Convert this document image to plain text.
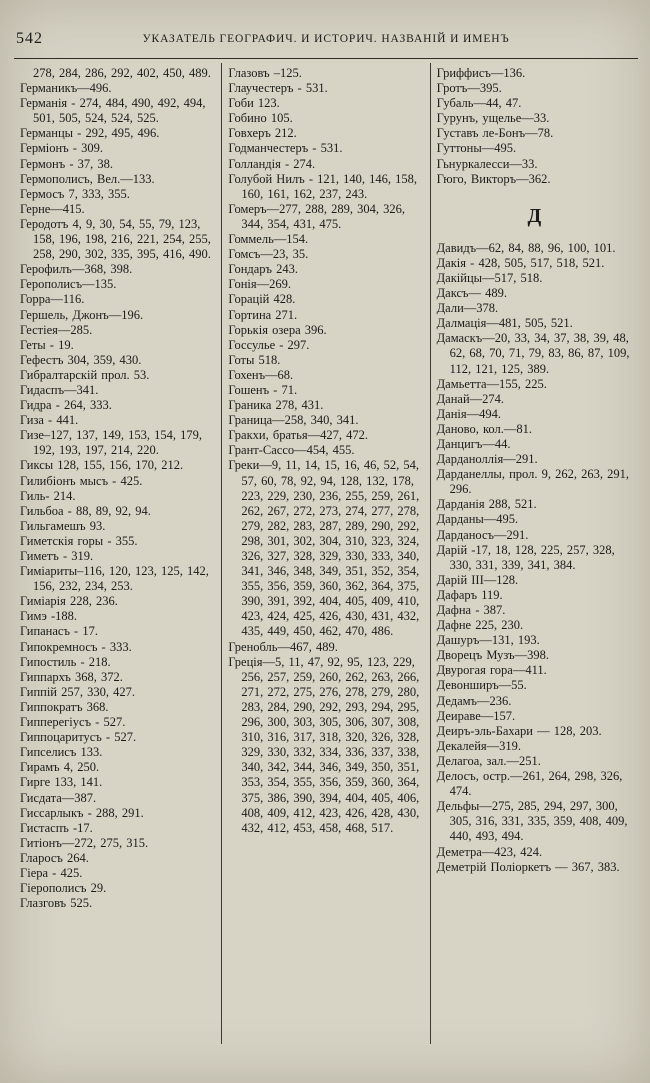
542	УКАЗАТЕЛЬ ГЕОГРАФИЧ. И ИСТОРИЧ. НАЗВАНІЙ И ИМЕНЪ
278, 284, 286, 292, 402, 450, 489.
Германикъ—496.
Германія - 274, 484, 490, 492, 494, 501, 505, 524, 524, 525.
Германцы - 292, 495, 496.
Герміонъ - 309.
Гермонъ - 37, 38.
Гермополисъ, Вел.—133.
Гермосъ 7, 333, 355.
Герне—415.
Геродотъ 4, 9, 30, 54, 55, 79, 123, 158, 196, 198, 216, 221, 254, 255, 258, 290, 302, 335, 395, 416, 490.
Герофилъ—368, 398.
Герополисъ—135.
Горра—116.
Гершель, Джонъ—196.
Гестіея—285.
Геты - 19.
Гефестъ 304, 359, 430.
Гибралтарскій прол. 53.
Гидаспъ—341.
Гидра - 264, 333.
Гиза - 441.
Гизе–127, 137, 149, 153, 154, 179, 192, 193, 197, 214, 220.
Гиксы 128, 155, 156, 170, 212.
Гилибіонъ мысъ - 425.
Гиль- 214.
Гильбоа - 88, 89, 92, 94.
Гильгамешъ 93.
Гиметскія горы - 355.
Гиметъ - 319.
Гиміариты–116, 120, 123, 125, 142, 156, 232, 234, 253.
Гиміарія 228, 236.
Гимэ -188.
Гипанасъ - 17.
Гипокремносъ - 333.
Гипостиль - 218.
Гиппархъ 368, 372.
Гиппій 257, 330, 427.
Гиппократъ 368.
Гипперегіусъ - 527.
Гиппоцаритусъ - 527.
Гипселисъ 133.
Гирамъ 4, 250.
Гирге 133, 141.
Гисдата—387.
Гиссарлыкъ - 288, 291.
Гистаспъ -17.
Гитіонъ—272, 275, 315.
Гларосъ 264.
Гіера - 425.
Гіерополисъ 29.
Глазговъ 525.
Глазовъ –125.
Глаучестеръ - 531.
Гоби 123.
Гобино 105.
Говхеръ 212.
Годманчестеръ - 531.
Голландія - 274.
Голубой Нилъ - 121, 140, 146, 158, 160, 161, 162, 237, 243.
Гомеръ—277, 288, 289, 304, 326, 344, 354, 431, 475.
Гоммель—154.
Гомсъ—23, 35.
Гондаръ 243.
Гонія—269.
Горацій 428.
Гортина 271.
Горькія озера 396.
Госсулье - 297.
Готы 518.
Гохенъ—68.
Гошенъ - 71.
Граника 278, 431.
Граница—258, 340, 341.
Гракхи, братья—427, 472.
Грант-Сассо—454, 455.
Греки—9, 11, 14, 15, 16, 46, 52, 54, 57, 60, 78, 92, 94, 128, 132, 178, 223, 229, 230, 236, 255, 259, 261, 262, 267, 272, 273, 274, 277, 278, 279, 282, 283, 287, 289, 290, 292, 298, 301, 302, 304, 310, 323, 324, 326, 327, 328, 329, 330, 333, 340, 341, 346, 348, 349, 351, 352, 354, 355, 356, 359, 360, 362, 364, 375, 390, 391, 392, 404, 405, 409, 410, 423, 424, 425, 426, 430, 431, 432, 435, 449, 450, 462, 470, 486.
Гренобль—467, 489.
Греція—5, 11, 47, 92, 95, 123, 229, 256, 257, 259, 260, 262, 263, 266, 271, 272, 275, 276, 278, 279, 280, 283, 284, 290, 292, 293, 294, 295, 296, 300, 303, 305, 306, 307, 308, 310, 316, 317, 318, 320, 326, 328, 329, 330, 332, 334, 336, 337, 338, 340, 342, 344, 346, 349, 350, 351, 353, 354, 355, 356, 359, 360, 364, 375, 386, 390, 394, 404, 405, 406, 408, 409, 412, 423, 426, 428, 430, 432, 412, 453, 458, 468, 517.
Гриффисъ—136.
Гротъ—395.
Губаль—44, 47.
Гурунъ, ущелье—33.
Густавъ ле-Бонъ—78.
Гуттоны—495.
Гьнуркалесси—33.
Гюго, Викторъ—362.
Д
Давидъ—62, 84, 88, 96, 100, 101.
Дакія - 428, 505, 517, 518, 521.
Дакійцы—517, 518.
Даксъ— 489.
Дали—378.
Далмація—481, 505, 521.
Дамаскъ—20, 33, 34, 37, 38, 39, 48, 62, 68, 70, 71, 79, 83, 86, 87, 109, 112, 121, 125, 389.
Дамьетта—155, 225.
Данай—274.
Данія—494.
Даново, кол.—81.
Данцигъ—44.
Дарданоллія—291.
Дарданеллы, прол. 9, 262, 263, 291, 296.
Дарданія 288, 521.
Дарданы—495.
Дарданосъ—291.
Дарій -17, 18, 128, 225, 257, 328, 330, 331, 339, 341, 384.
Дарій III—128.
Дафаръ 119.
Дафна - 387.
Дафне 225, 230.
Дашуръ—131, 193.
Дворецъ Музъ—398.
Двурогая гора—411.
Девонширъ—55.
Дедамъ—236.
Деираве—157.
Деиръ-эль-Бахари — 128, 203.
Декалейя—319.
Делагоа, зал.—251.
Делосъ, остр.—261, 264, 298, 326, 474.
Дельфы—275, 285, 294, 297, 300, 305, 316, 331, 335, 359, 408, 409, 440, 493, 494.
Деметра—423, 424.
Деметрій Поліоркетъ — 367, 383.
